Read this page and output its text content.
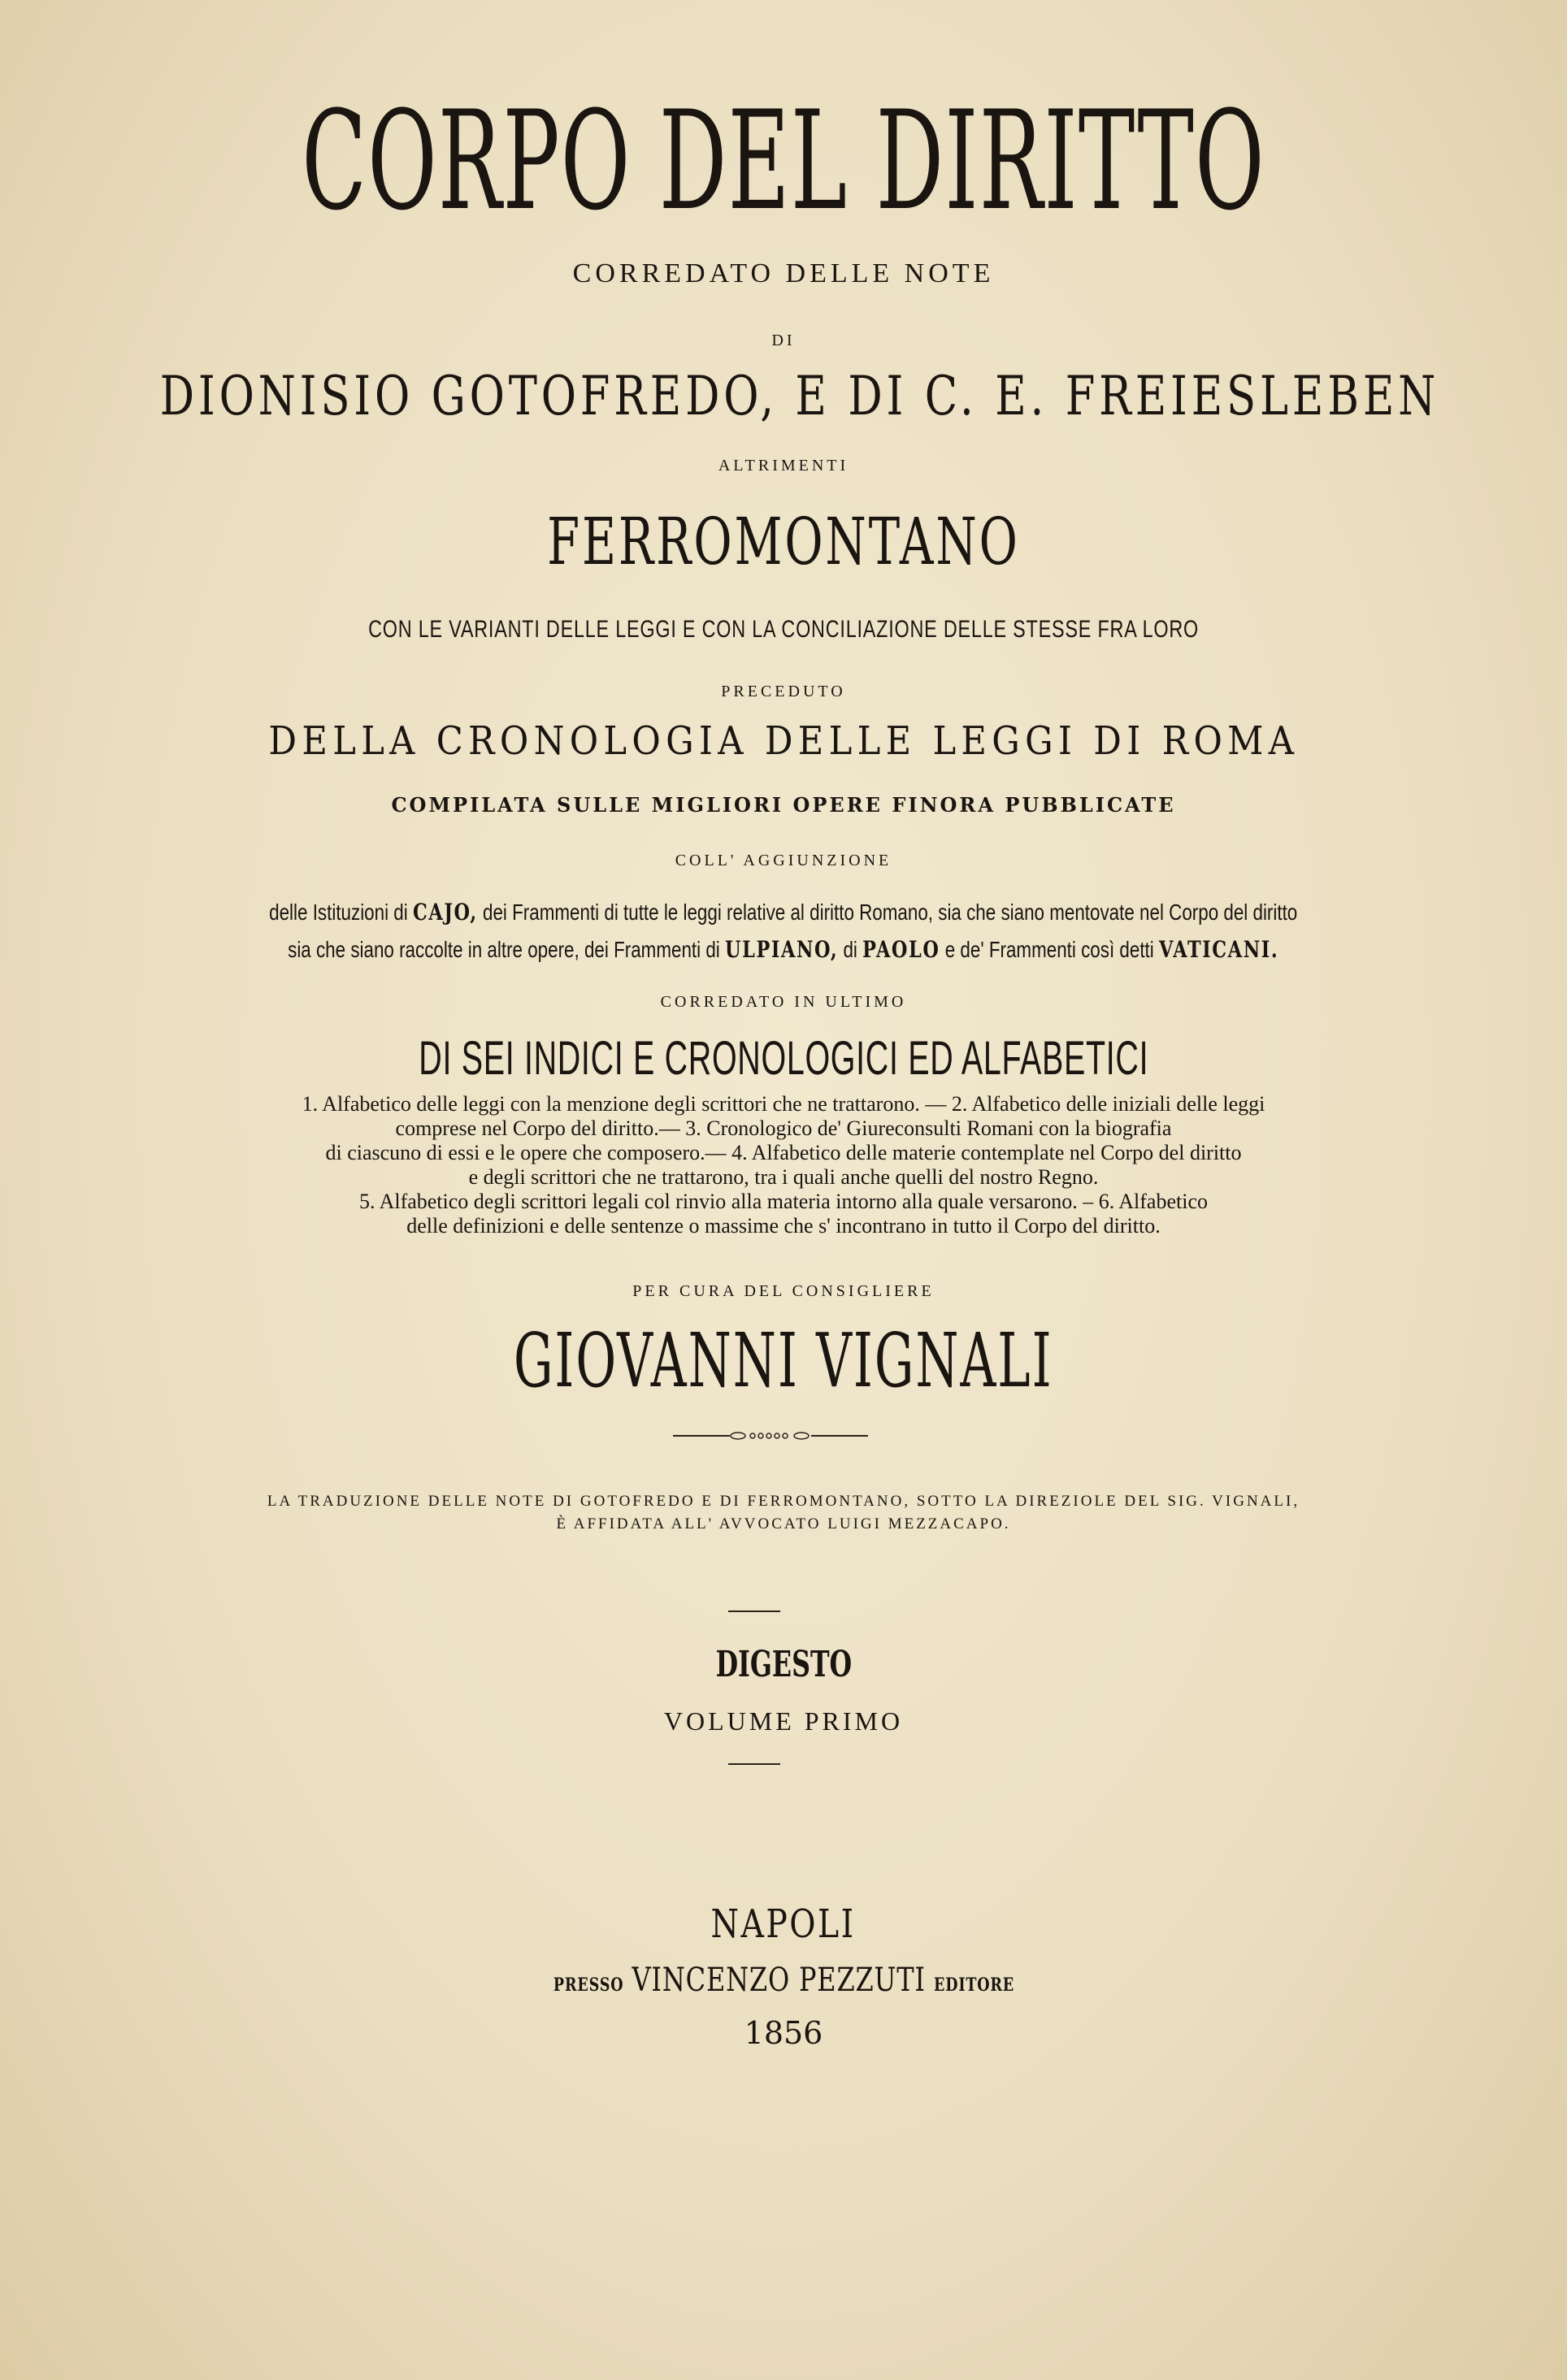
CORPO DEL DIRITTO
CORREDATO DELLE NOTE
DI
DIONISIO GOTOFREDO, E DI C. E. FREIESLEBEN
ALTRIMENTI
FERROMONTANO
CON LE VARIANTI DELLE LEGGI E CON LA CONCILIAZIONE DELLE STESSE FRA LORO
PRECEDUTO
DELLA CRONOLOGIA DELLE LEGGI DI ROMA
COMPILATA SULLE MIGLIORI OPERE FINORA PUBBLICATE
COLL' AGGIUNZIONE
delle Istituzioni di CAJO, dei Frammenti di tutte le leggi relative al diritto Romano, sia che siano mentovate nel Corpo del diritto
sia che siano raccolte in altre opere, dei Frammenti di ULPIANO, di PAOLO e de' Frammenti così detti VATICANI.
CORREDATO IN ULTIMO
DI SEI INDICI E CRONOLOGICI ED ALFABETICI
1. Alfabetico delle leggi con la menzione degli scrittori che ne trattarono. — 2. Alfabetico delle iniziali delle leggi
comprese nel Corpo del diritto.— 3. Cronologico de' Giureconsulti Romani con la biografia
di ciascuno di essi e le opere che composero.— 4. Alfabetico delle materie contemplate nel Corpo del diritto
e degli scrittori che ne trattarono, tra i quali anche quelli del nostro Regno.
5. Alfabetico degli scrittori legali col rinvio alla materia intorno alla quale versarono. – 6. Alfabetico
delle definizioni e delle sentenze o massime che s' incontrano in tutto il Corpo del diritto.
PER CURA DEL CONSIGLIERE
GIOVANNI VIGNALI
LA TRADUZIONE DELLE NOTE DI GOTOFREDO E DI FERROMONTANO, SOTTO LA DIREZIOLE DEL SIG. VIGNALI,
È AFFIDATA ALL' AVVOCATO LUIGI MEZZACAPO.
DIGESTO
VOLUME PRIMO
NAPOLI
PRESSO VINCENZO PEZZUTI EDITORE
1856
